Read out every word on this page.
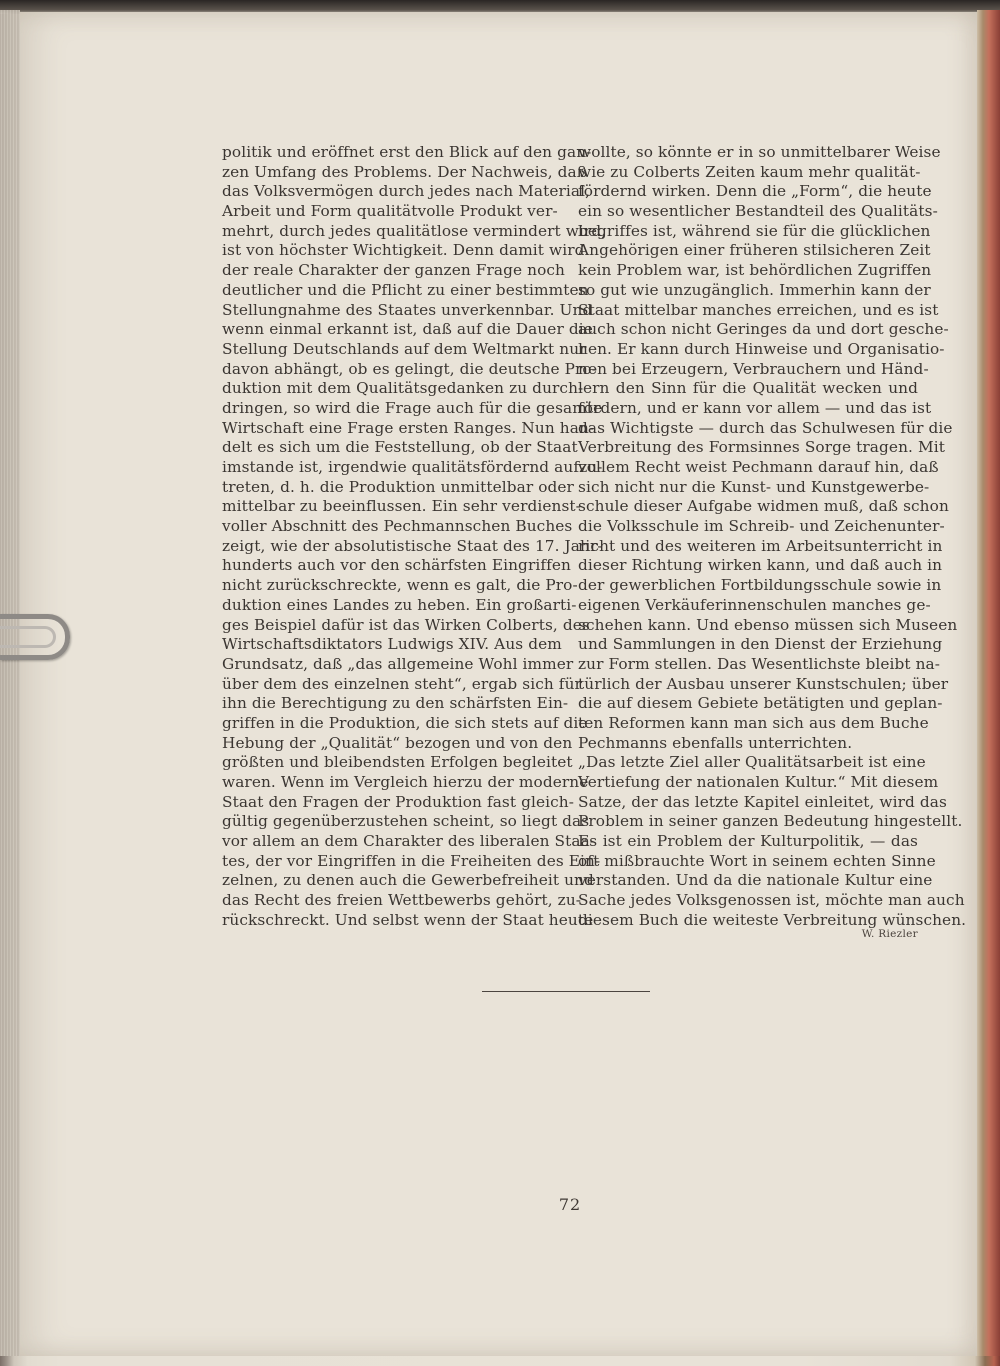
politik und eröffnet erst den Blick auf den gan-
zen Umfang des Problems. Der Nachweis, daß
das Volksvermögen durch jedes nach Material,
Arbeit und Form qualitätvolle Produkt ver-
mehrt, durch jedes qualitätlose vermindert wird,
ist von höchster Wichtigkeit. Denn damit wird
der reale Charakter der ganzen Frage noch
deutlicher und die Pflicht zu einer bestimmten
Stellungnahme des Staates unverkennbar. Und
wenn einmal erkannt ist, daß auf die Dauer die
Stellung Deutschlands auf dem Weltmarkt nur
davon abhängt, ob es gelingt, die deutsche Pro-
duktion mit dem Qualitätsgedanken zu durch-
dringen, so wird die Frage auch für die gesamte
Wirtschaft eine Frage ersten Ranges. Nun han-
delt es sich um die Feststellung, ob der Staat
imstande ist, irgendwie qualitätsfördernd aufzu-
treten, d. h. die Produktion unmittelbar oder
mittelbar zu beeinflussen. Ein sehr verdienst-
voller Abschnitt des Pechmannschen Buches
zeigt, wie der absolutistische Staat des 17. Jahr-
hunderts auch vor den schärfsten Eingriffen
nicht zurückschreckte, wenn es galt, die Pro-
duktion eines Landes zu heben. Ein großarti-
ges Beispiel dafür ist das Wirken Colberts, des
Wirtschaftsdiktators Ludwigs XIV. Aus dem
Grundsatz, daß „das allgemeine Wohl immer
über dem des einzelnen steht“, ergab sich für
ihn die Berechtigung zu den schärfsten Ein-
griffen in die Produktion, die sich stets auf die
Hebung der „Qualität“ bezogen und von den
größten und bleibendsten Erfolgen begleitet
waren. Wenn im Vergleich hierzu der moderne
Staat den Fragen der Produktion fast gleich-
gültig gegenüberzustehen scheint, so liegt das
vor allem an dem Charakter des liberalen Staa-
tes, der vor Eingriffen in die Freiheiten des Ein-
zelnen, zu denen auch die Gewerbefreiheit und
das Recht des freien Wettbewerbs gehört, zu-
rückschreckt. Und selbst wenn der Staat heute
wollte, so könnte er in so unmittelbarer Weise
wie zu Colberts Zeiten kaum mehr qualität-
fördernd wirken. Denn die „Form“, die heute
ein so wesentlicher Bestandteil des Qualitäts-
begriffes ist, während sie für die glücklichen
Angehörigen einer früheren stilsicheren Zeit
kein Problem war, ist behördlichen Zugriffen
so gut wie unzugänglich. Immerhin kann der
Staat mittelbar manches erreichen, und es ist
auch schon nicht Geringes da und dort gesche-
hen. Er kann durch Hinweise und Organisatio-
nen bei Erzeugern, Verbrauchern und Händ-
lern den Sinn für die Qualität wecken und
fördern, und er kann vor allem — und das ist
das Wichtigste — durch das Schulwesen für die
Verbreitung des Formsinnes Sorge tragen. Mit
vollem Recht weist Pechmann darauf hin, daß
sich nicht nur die Kunst- und Kunstgewerbe-
schule dieser Aufgabe widmen muß, daß schon
die Volksschule im Schreib- und Zeichenunter-
richt und des weiteren im Arbeitsunterricht in
dieser Richtung wirken kann, und daß auch in
der gewerblichen Fortbildungsschule sowie in
eigenen Verkäuferinnenschulen manches ge-
schehen kann. Und ebenso müssen sich Museen
und Sammlungen in den Dienst der Erziehung
zur Form stellen. Das Wesentlichste bleibt na-
türlich der Ausbau unserer Kunstschulen; über
die auf diesem Gebiete betätigten und geplan-
ten Reformen kann man sich aus dem Buche
Pechmanns ebenfalls unterrichten.
„Das letzte Ziel aller Qualitätsarbeit ist eine
Vertiefung der nationalen Kultur.“ Mit diesem
Satze, der das letzte Kapitel einleitet, wird das
Problem in seiner ganzen Bedeutung hingestellt.
Es ist ein Problem der Kulturpolitik, — das
oft mißbrauchte Wort in seinem echten Sinne
verstanden. Und da die nationale Kultur eine
Sache jedes Volksgenossen ist, möchte man auch
diesem Buch die weiteste Verbreitung wünschen.
W. Riezler
72
